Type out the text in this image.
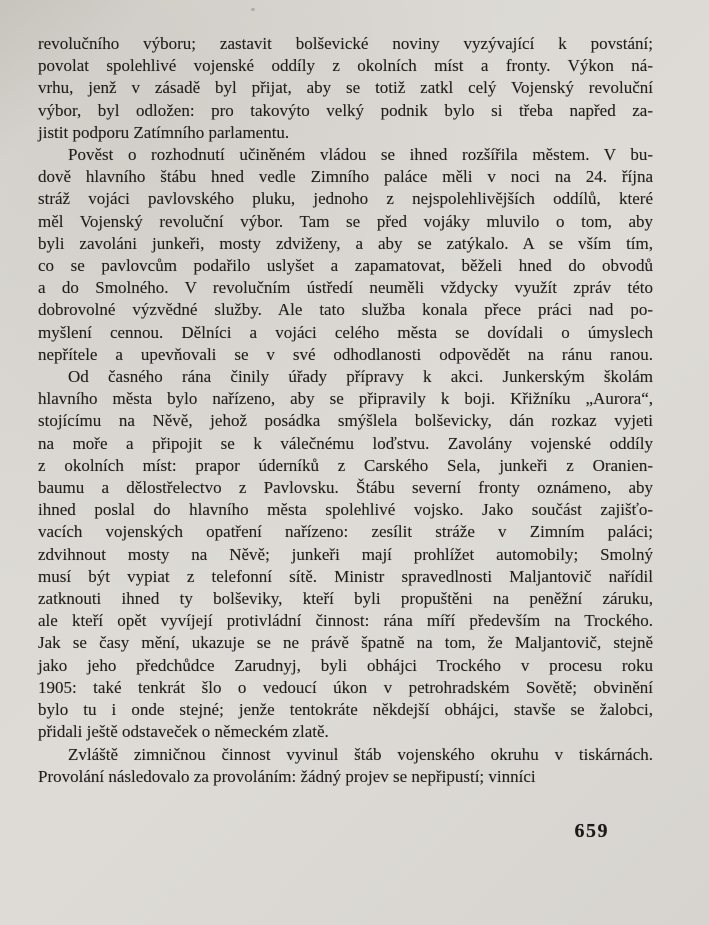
revolučního výboru; zastavit bolševické noviny vyzývající k povstání;
povolat spolehlivé vojenské oddíly z okolních míst a fronty. Výkon ná-
vrhu, jenž v zásadě byl přijat, aby se totiž zatkl celý Vojenský revoluční
výbor, byl odložen: pro takovýto velký podnik bylo si třeba napřed za-
jistit podporu Zatímního parlamentu.
Pověst o rozhodnutí učiněném vládou se ihned rozšířila městem. V bu-
dově hlavního štábu hned vedle Zimního paláce měli v noci na 24. října
stráž vojáci pavlovského pluku, jednoho z nejspolehlivějších oddílů, které
měl Vojenský revoluční výbor. Tam se před vojáky mluvilo o tom, aby
byli zavoláni junkeři, mosty zdviženy, a aby se zatýkalo. A se vším tím,
co se pavlovcům podařilo uslyšet a zapamatovat, běželi hned do obvodů
a do Smolného. V revolučním ústředí neuměli vždycky využít zpráv této
dobrovolné výzvědné služby. Ale tato služba konala přece práci nad po-
myšlení cennou. Dělníci a vojáci celého města se dovídali o úmyslech
nepřítele a upevňovali se v své odhodlanosti odpovědět na ránu ranou.
Od časného rána činily úřady přípravy k akci. Junkerským školám
hlavního města bylo nařízeno, aby se připravily k boji. Křižníku „Aurora“,
stojícímu na Něvě, jehož posádka smýšlela bolševicky, dán rozkaz vyjeti
na moře a připojit se k válečnému loďstvu. Zavolány vojenské oddíly
z okolních míst: prapor úderníků z Carského Sela, junkeři z Oranien-
baumu a dělostřelectvo z Pavlovsku. Štábu severní fronty oznámeno, aby
ihned poslal do hlavního města spolehlivé vojsko. Jako součást zajišťo-
vacích vojenských opatření nařízeno: zesílit stráže v Zimním paláci;
zdvihnout mosty na Něvě; junkeři mají prohlížet automobily; Smolný
musí být vypiat z telefonní sítě. Ministr spravedlnosti Maljantovič nařídil
zatknouti ihned ty bolševiky, kteří byli propuštěni na peněžní záruku,
ale kteří opět vyvíjejí protivládní činnost: rána míří především na Trockého.
Jak se časy mění, ukazuje se ne právě špatně na tom, že Maljantovič, stejně
jako jeho předchůdce Zarudnyj, byli obhájci Trockého v procesu roku
1905: také tenkrát šlo o vedoucí úkon v petrohradském Sovětě; obvinění
bylo tu i onde stejné; jenže tentokráte někdejší obhájci, stavše se žalobci,
přidali ještě odstaveček o německém zlatě.
Zvláště zimničnou činnost vyvinul štáb vojenského okruhu v tiskárnách.
Provolání následovalo za provoláním: žádný projev se nepřipustí; vinníci
659
